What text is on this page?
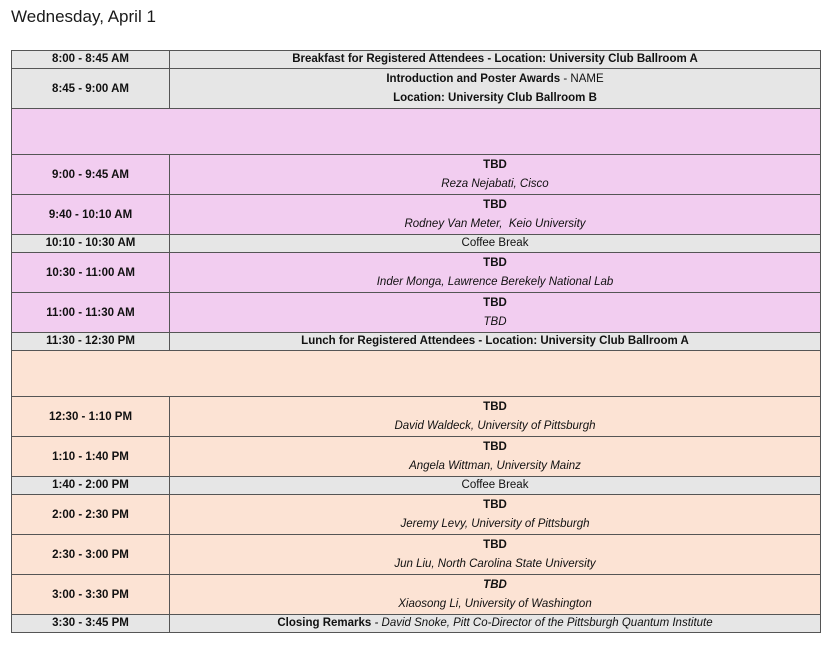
Wednesday, April 1
8:00 - 8:45 AM	Breakfast for Registered Attendees - Location: University Club Ballroom A
8:45 - 9:00 AM	Introduction and Poster Awards - NAME
Location: University Club Ballroom B

9:00 - 9:45 AM	TBD
Reza Nejabati, Cisco

9:40 - 10:10 AM	TBD
Rodney Van Meter,  Keio University

10:10 - 10:30 AM	Coffee Break
10:30 - 11:00 AM	TBD
Inder Monga, Lawrence Berekely National Lab

11:00 - 11:30 AM	TBD
TBD

11:30 - 12:30 PM	Lunch for Registered Attendees - Location: University Club Ballroom A

12:30 - 1:10 PM	TBD
David Waldeck, University of Pittsburgh

1:10 - 1:40 PM	TBD
Angela Wittman, University Mainz

1:40 - 2:00 PM	Coffee Break
2:00 - 2:30 PM	TBD
Jeremy Levy, University of Pittsburgh

2:30 - 3:00 PM	TBD
Jun Liu, North Carolina State University

3:00 - 3:30 PM	TBD
Xiaosong Li, University of Washington

3:30 - 3:45 PM	Closing Remarks - David Snoke, Pitt Co-Director of the Pittsburgh Quantum Institute
